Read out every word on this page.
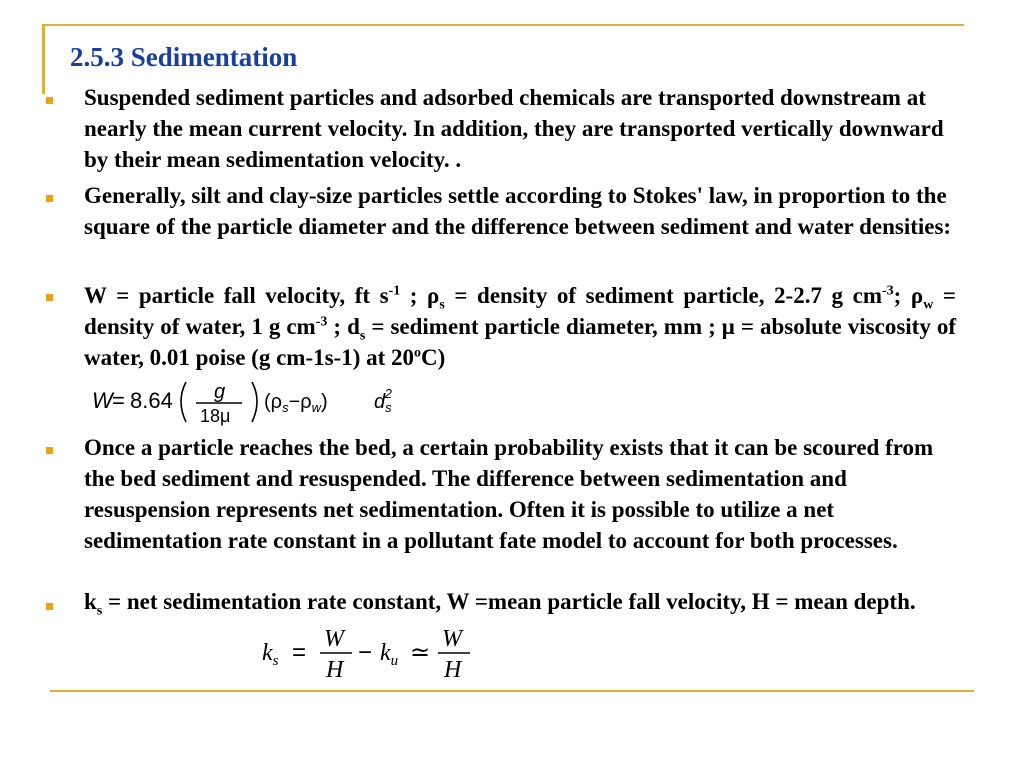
2.5.3 Sedimentation
Suspended sediment particles and adsorbed chemicals are transported downstream at nearly the mean current velocity. In addition, they are transported vertically downward by their mean sedimentation velocity. .
Generally, silt and clay-size particles settle according to Stokes' law, in proportion to the square of the particle diameter and the difference between sediment and water densities:
W = particle fall velocity, ft $s^{-1}$ ; $\rho_s$ = density of sediment particle, 2-2.7 g $cm^{-3}$; $\rho_w$ = density of water, 1 g $cm^{-3}$ ; $d_s$ = sediment particle diameter, mm ; μ = absolute viscosity of water, 0.01 poise (g cm-1s-1) at 20$^o$C)
W = 8.64 g
18μ
$(\rho_s-\rho_w)$ $d_s2$
Once a particle reaches the bed, a certain probability exists that it can be scoured from the bed sediment and resuspended. The difference between sedimentation and resuspension represents net sedimentation. Often it is possible to utilize a net sedimentation rate constant in a pollutant fate model to account for both processes.
$k_s$ = net sedimentation rate constant, W =mean particle fall velocity, H = mean depth.
$k_s = W$
H
− $k_u$ ≃ W
H
